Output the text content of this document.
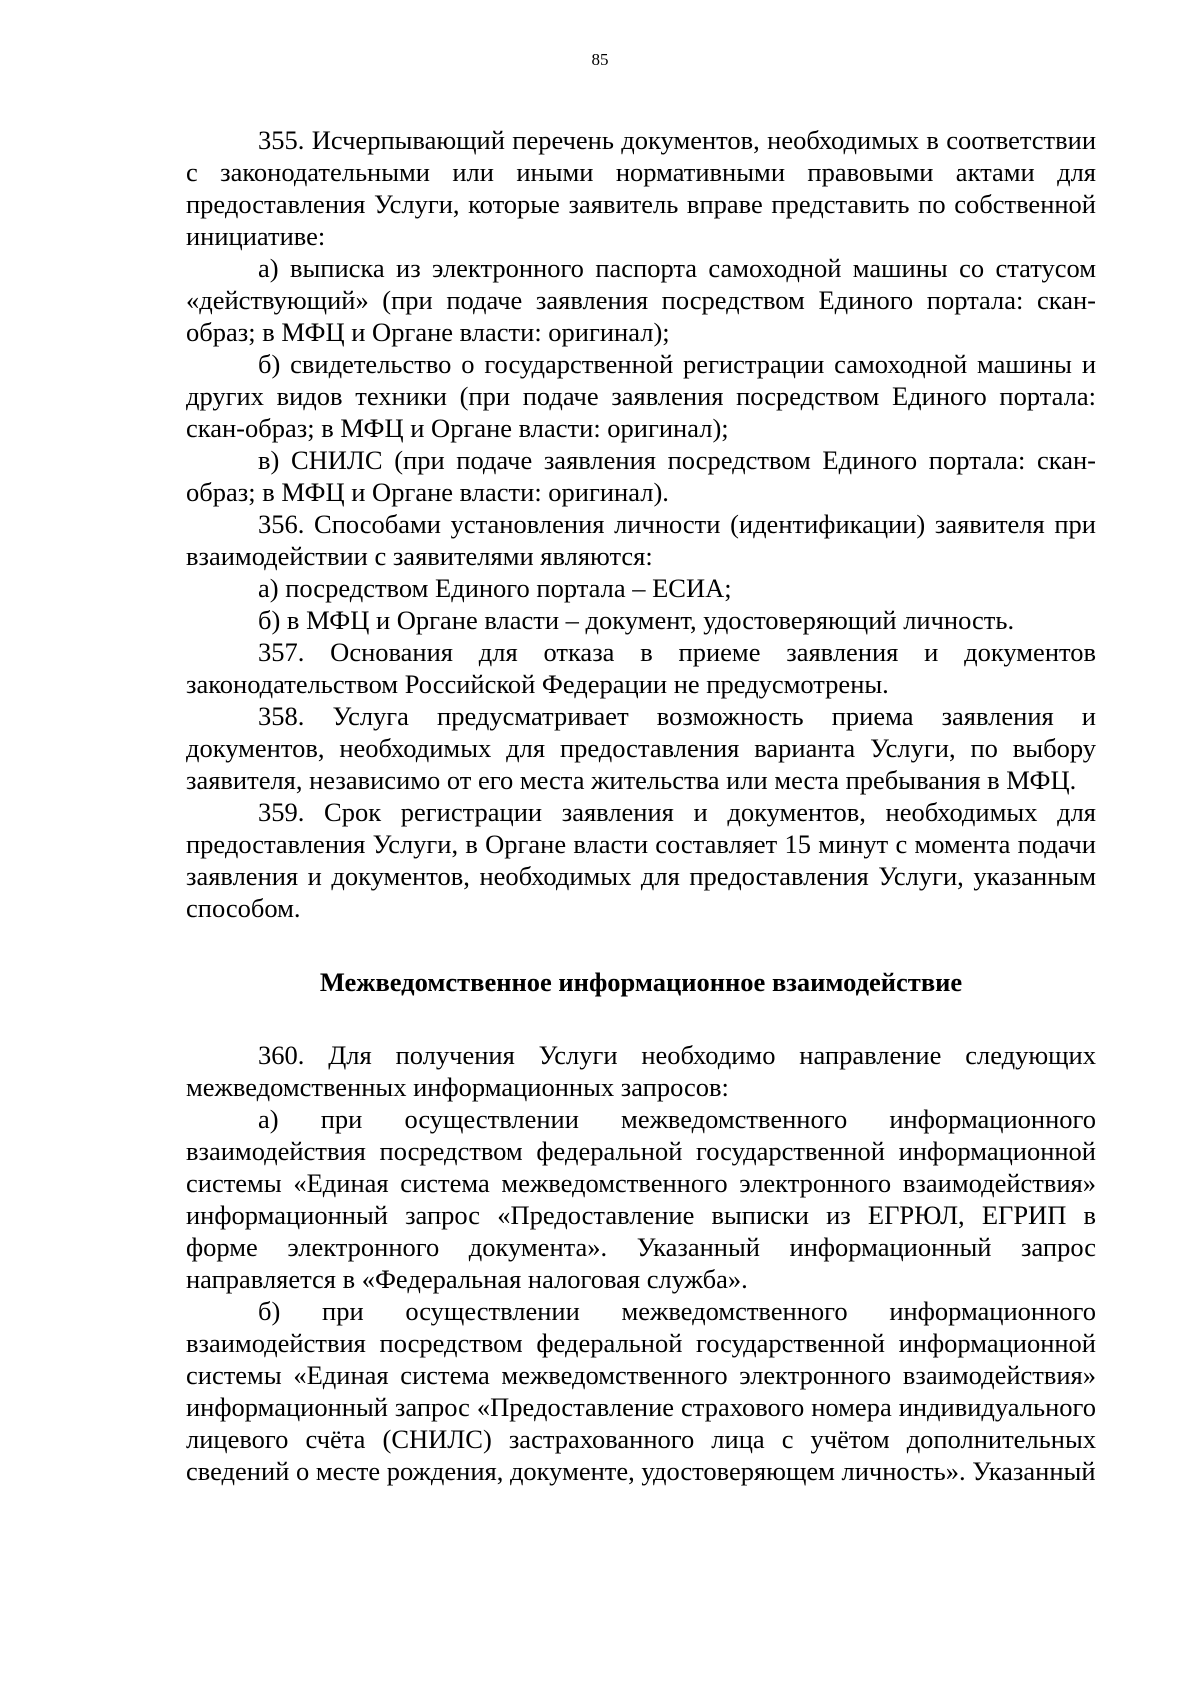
85

355. Исчерпывающий перечень документов, необходимых в соответствии с законодательными или иными нормативными правовыми актами для предоставления Услуги, которые заявитель вправе представить по собственной инициативе:

а) выписка из электронного паспорта самоходной машины со статусом «действующий» (при подаче заявления посредством Единого портала: скан-образ; в МФЦ и Органе власти: оригинал);

б) свидетельство о государственной регистрации самоходной машины и других видов техники (при подаче заявления посредством Единого портала: скан-образ; в МФЦ и Органе власти: оригинал);

в) СНИЛС (при подаче заявления посредством Единого портала: скан-образ; в МФЦ и Органе власти: оригинал).

356. Способами установления личности (идентификации) заявителя при взаимодействии с заявителями являются:

а) посредством Единого портала – ЕСИА;

б) в МФЦ и Органе власти – документ, удостоверяющий личность.

357. Основания для отказа в приеме заявления и документов законодательством Российской Федерации не предусмотрены.

358. Услуга предусматривает возможность приема заявления и документов, необходимых для предоставления варианта Услуги, по выбору заявителя, независимо от его места жительства или места пребывания в МФЦ.

359. Срок регистрации заявления и документов, необходимых для предоставления Услуги, в Органе власти составляет 15 минут с момента подачи заявления и документов, необходимых для предоставления Услуги, указанным способом.

Межведомственное информационное взаимодействие

360. Для получения Услуги необходимо направление следующих межведомственных информационных запросов:

а) при осуществлении межведомственного информационного взаимодействия посредством федеральной государственной информационной системы «Единая система межведомственного электронного взаимодействия» информационный запрос «Предоставление выписки из ЕГРЮЛ, ЕГРИП в форме электронного документа». Указанный информационный запрос направляется в «Федеральная налоговая служба».

б) при осуществлении межведомственного информационного взаимодействия посредством федеральной государственной информационной системы «Единая система межведомственного электронного взаимодействия» информационный запрос «Предоставление страхового номера индивидуального лицевого счёта (СНИЛС) застрахованного лица с учётом дополнительных сведений о месте рождения, документе, удостоверяющем личность». Указанный
